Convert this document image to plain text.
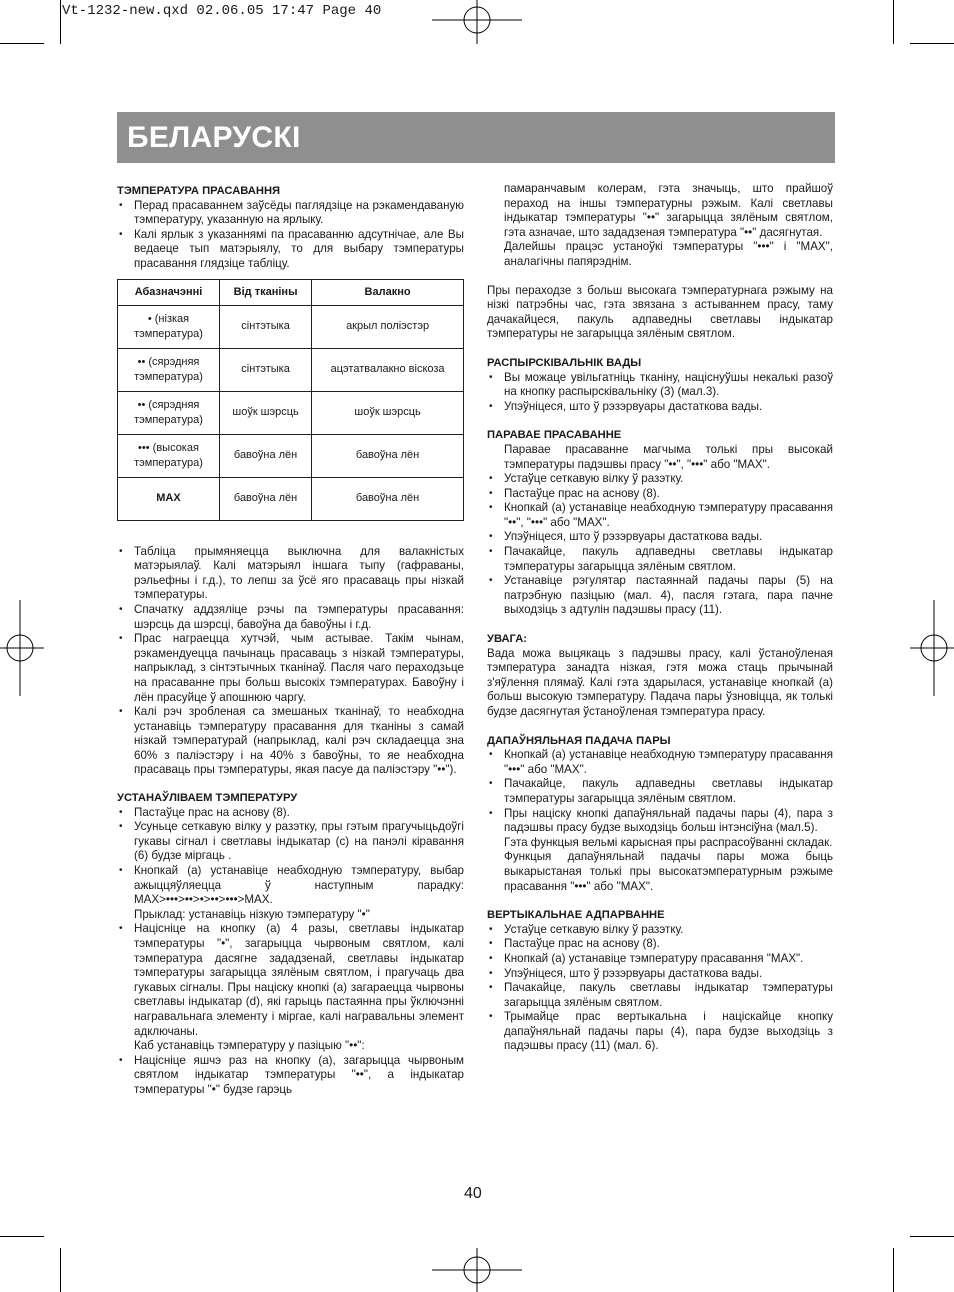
Vt-1232-new.qxd 02.06.05 17:47 Page 40
БЕЛАРУСКІ
ТЭМПЕРАТУРА ПРАСАВАННЯ
• Перад прасаваннем заўсёды паглядзіце на рэкамендаваную тэмпературу, указанную на ярлыку.
• Калі ярлык з указаннямі па прасаванню адсутнічае, але Вы ведаеце тып матэрыялу, то для выбару тэмпературы прасавання глядзіце табліцу.
Абазначэнні	Від тканіны	Валакно
• (нізкая тэмпература)	сінтэтыка	акрыл поліэстэр
•• (сярэдняя тэмпература)	сінтэтыка	ацэтатвалакно віскоза
•• (сярэдняя тэмпература)	шоўк шэрсць	шоўк шэрсць
••• (высокая тэмпература)	бавоўна лён	бавоўна лён
MAX	бавоўна лён	бавоўна лён
• Табліца прымяняецца выключна для валакністых матэрыялаў. Калі матэрыял іншага тыпу (гафраваны, рэльефны і г.д.), то лепш за ўсё яго прасаваць пры нізкай тэмпературы.
• Спачатку аддзяліце рэчы па тэмпературы прасавання: шэрсць да шэрсці, бавоўна да бавоўны і г.д.
• Прас награецца хутчэй, чым астывае. Такім чынам, рэкамендуецца пачынаць прасаваць з нізкай тэмпературы, напрыклад, з сінтэтычных тканінаў. Пасля чаго пераходзьце на прасаванне пры больш высокіх тэмпературах. Бавоўну і лён прасуйце ў апошнюю чаргу.
• Калі рэч зробленая са змешаных тканінаў, то неабходна устанавіць тэмпературу прасавання для тканіны з самай нізкай тэмпературай (напрыклад, калі рэч складаецца зна 60% з паліэстэру і на 40% з бавоўны, то яе неабходна прасаваць пры тэмпературы, якая пасуе да паліэстэру "••").
УСТАНАЎЛІВАЕМ ТЭМПЕРАТУРУ
• Пастаўце прас на аснову (8).
• Усуньце сеткавую вілку у разэтку, пры гэтым прагучыцьдоўгі гукавы сігнал і светлавы індыкатар (с) на панэлі кіравання (6) будзе міргаць .
• Кнопкай (а) устанавіце неабходную тэмпературу, выбар ажыццяўляецца ў наступным парадку: MAX>•••>••>•>••>•••>MAX.

Прыклад: устанавіць нізкую тэмпературу "•"

• Націсніце на кнопку (а) 4 разы, светлавы індыкатар тэмпературы "•", загарыцца чырвоным святлом, калі тэмпература дасягне зададзенай, светлавы індыкатар тэмпературы загарыцца зялёным святлом, і прагучаць два гукавых сігналы. Пры націску кнопкі (а) загараецца чырвоны светлавы індыкатар (d), які гарыць пастаянна пры ўключэнні награвальнага элементу і міргае, калі награвальны элемент адключаны.

Каб устанавіць тэмпературу у пазіцыю "••":

• Націсніце яшчэ раз на кнопку (а), загарыцца чырвоным святлом індыкатар тэмпературы "••", а індыкатар тэмпературы "•" будзе гарэць

памаранчавым колерам, гэта значыць, што прайшоў пераход на іншы тэмпературны рэжым. Калі светлавы індыкатар тэмпературы "••" загарыцца зялёным святлом, гэта азначае, што зададзеная тэмпература "••" дасягнутая.

Далейшы працэс устаноўкі тэмпературы "•••" і "MAX", аналагічны папярэднім.

Пры пераходзе з больш высокага тэмпературнага рэжыму на нізкі патрэбны час, гэта звязана з астываннем прасу, таму дачакайцеся, пакуль адпаведны светлавы індыкатар тэмпературы не загарыцца зялёным святлом.

РАСПЫРСКІВАЛЬНІК ВАДЫ
• Вы можаце увільгатніць тканіну, націснуўшы некалькі разоў на кнопку распырсківальніку (3) (мал.3).
• Упэўніцеся, што ў рэзэрвуары дастаткова вады.
ПАРАВАЕ ПРАСАВАННЕ

Паравае прасаванне магчыма толькі пры высокай тэмпературы падэшвы прасу "••", "•••" або "MAX".

• Устаўце сеткавую вілку ў разэтку.
• Пастаўце прас на аснову (8).
• Кнопкай (а) устанавіце неабходную тэмпературу прасавання "••", "•••" або "MAX".
• Упэўніцеся, што ў рэзэрвуары дастаткова вады.
• Пачакайце, пакуль адпаведны светлавы індыкатар тэмпературы загарыцца зялёным святлом.
• Устанавіце рэгулятар пастаяннай падачы пары (5) на патрэбную пазіцыю (мал. 4), пасля гэтага, пара пачне выходзіць з адтулін падэшвы прасу (11).
УВАГА:

Вада можа выцякаць з падэшвы прасу, калі ўстаноўленая тэмпература занадта нізкая, гэтя можа стаць прычынай з'яўлення плямаў. Калі гэта здарылася, устанавіце кнопкай (а) больш высокую тэмпературу. Падача пары ўзновіцца, як толькі будзе дасягнутая ўстаноўленая тэмпература прасу.

ДАПАЎНЯЛЬНАЯ ПАДАЧА ПАРЫ
• Кнопкай (а) устанавіце неабходную тэмпературу прасавання "•••" або "MAX".
• Пачакайце, пакуль адпаведны светлавы індыкатар тэмпературы загарыцца зялёным святлом.
• Пры націску кнопкі дапаўняльнай падачы пары (4), пара з падэшвы прасу будзе выходзіць больш інтэнсіўна (мал.5).

Гэта функцыя вельмі карысная пры распрасоўванні складак.

Функцыя дапаўняльнай падачы пары можа быць выкарыстаная толькі пры высокатэмпературным рэжыме прасавання "•••" або "MAX".

ВЕРТЫКАЛЬНАЕ АДПАРВАННЕ
• Устаўце сеткавую вілку ў разэтку.
• Пастаўце прас на аснову (8).
• Кнопкай (а) устанавіце тэмпературу прасавання "MAX".
• Упэўніцеся, што ў рэзэрвуары дастаткова вады.
• Пачакайце, пакуль светлавы індыкатар тэмпературы загарыцца зялёным святлом.
• Трымайце прас вертыкальна і націскайце кнопку дапаўняльнай падачы пары (4), пара будзе выходзіць з падэшвы прасу (11) (мал. 6).
40
